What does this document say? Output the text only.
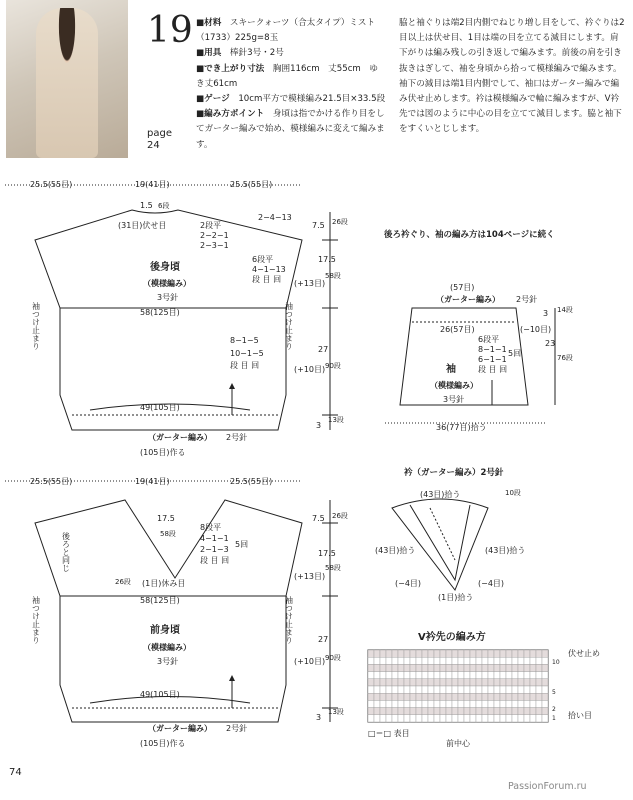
19
page
24
■材料　 スキークォーツ（合太タイプ）ミスト（1733）225g=8玉
■用具　 棒針3号・2号
■でき上がり寸法　 胸囲116cm　丈55cm　ゆき丈61cm
■ゲージ　 10cm平方で模様編み21.5目×33.5段
■編み方ポイント　 身頃は指でかける作り目をしてガーター編みで始め、模様編みに変えて編みます。
脇と袖ぐりは端2目内側でねじり増し目をして、衿ぐりは2目以上は伏せ目、1目は端の目を立てる減目にします。肩下がりは編み残しの引き返しで編みます。前後の肩を引き抜きはぎして、袖を身頃から拾って模様編みで編みます。袖下の減目は端1目内側でして、袖口はガーター編みで編み伏せ止めします。衿は模様編みで輪に編みますが、V衿先では図のように中心の目を立てて減目します。脇と袖下をすくいとじします。
25.5(55目)	19(41目)	25.5(55目)
1.5 6段
(31目)伏せ目	2段平
2−2−1
2−3−1
2−4−13
7.5 26段
6段平
4−1−13
段 目 回
17.5
58段
(+13目)
後身頃
（模様編み）
3号針
58(125目)
8−1−5
10−1−5
段 目 回
27
90段
(+10目)
49(105目)
3
13段
（ガーター編み） 2号針
(105目)作る
袖つけ止まり	袖つけ止まり
25.5(55目)	19(41目)	25.5(55目)
17.5
58段
8段平
4−1−1
2−1−3
段 目 回
5回
(1目)休み目
後ろと同じ
26段
7.5 26段
17.5
58段
(+13目)
58(125目)
前身頃
（模様編み）
3号針
27
90段
(+10目)
49(105目)
3
13段
（ガーター編み） 2号針
(105目)作る
袖つけ止まり	袖つけ止まり
後ろ衿ぐり、袖の編み方は104ページに続く
(57目)
（ガーター編み） 2号針
3 14段
26(57目)	(−10目)
6段平
8−1−1
6−1−1
段 目 回
5回
23
76段
袖
（模様編み）
3号針
36(77目)拾う
衿（ガーター編み）2号針
(43目)拾う	10段
(43目)拾う	(43目)拾う
(−4目)	(−4目)
(1目)拾う
V衿先の編み方
伏せ止め
拾い目
10
5
2
1
□＝□ 表目
前中心
74
PassionForum.ru
